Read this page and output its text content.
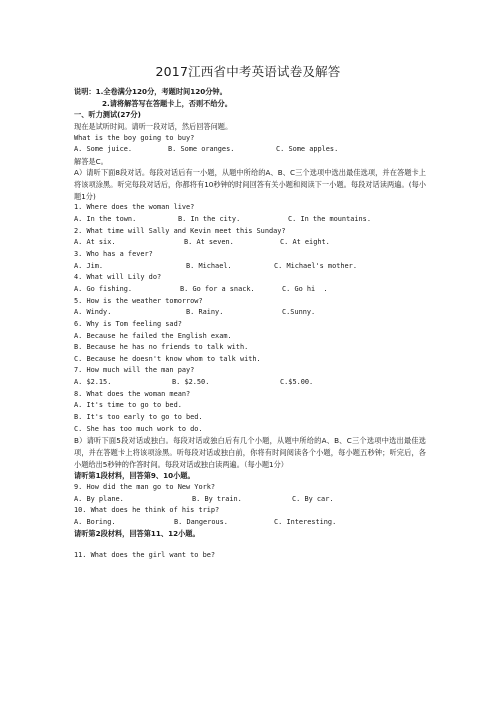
2017江西省中考英语试卷及解答
说明：1.全卷满分120分，考题时间120分钟。
2.请将解答写在答题卡上，否则不给分。
一、听力测试(27分)
现在是试听时间。请听一段对话，然后回答问题。
What is the boy going to buy?
A. Some juice.	B. Some oranges.	C. Some apples.
解答是C。
A）请听下面8段对话。每段对话后有一小题，从题中所给的A、B、C三个选项中选出最佳选项，并在答题卡上将该项涂黑。听完每段对话后，你都将有10秒钟的时间回答有关小题和阅读下一小题。每段对话读两遍。(每小题1分)
1. Where does the woman live?
A. In the town.	B. In the city.	C. In the mountains.
2. What time will Sally and Kevin meet this Sunday?
A. At six.	B. At seven.	C. At eight.
3. Who has a fever?
A. Jim.	B. Michael.	C. Michael's mother.
4. What will Lily do?
A. Go fishing.	B. Go for a snack.	C. Go hi  .
5. How is the weather tomorrow?
A. Windy.	B. Rainy.	C.Sunny.
6. Why is Tom feeling sad?
A. Because he failed the English exam.
B. Because he has no friends to talk with.
C. Because he doesn't know whom to talk with.
7. How much will the man pay?
A. $2.15.	B. $2.50.	C.$5.00.
8. What does the woman mean?
A. It's time to go to bed.
B. It's too early to go to bed.
C. She has too much work to do.
B）请听下面5段对话或独白。每段对话或独白后有几个小题，从题中所给的A、B、C三个选项中选出最佳选项，并在答题卡上将该项涂黑。听每段对话或独白前，你将有时间阅读各个小题，每小题五秒钟；听完后，各小题给出5秒钟的作答时间。每段对话或独白读两遍。（每小题1分）
请听第1段材料，回答第9、10小题。
9. How did the man go to New York?
A. By plane.	B. By train.	C. By car.
10. What does he think of his trip?
A. Boring.	B. Dangerous.	C. Interesting.
请听第2段材料，回答第11、12小题。
11. What does the girl want to be?
